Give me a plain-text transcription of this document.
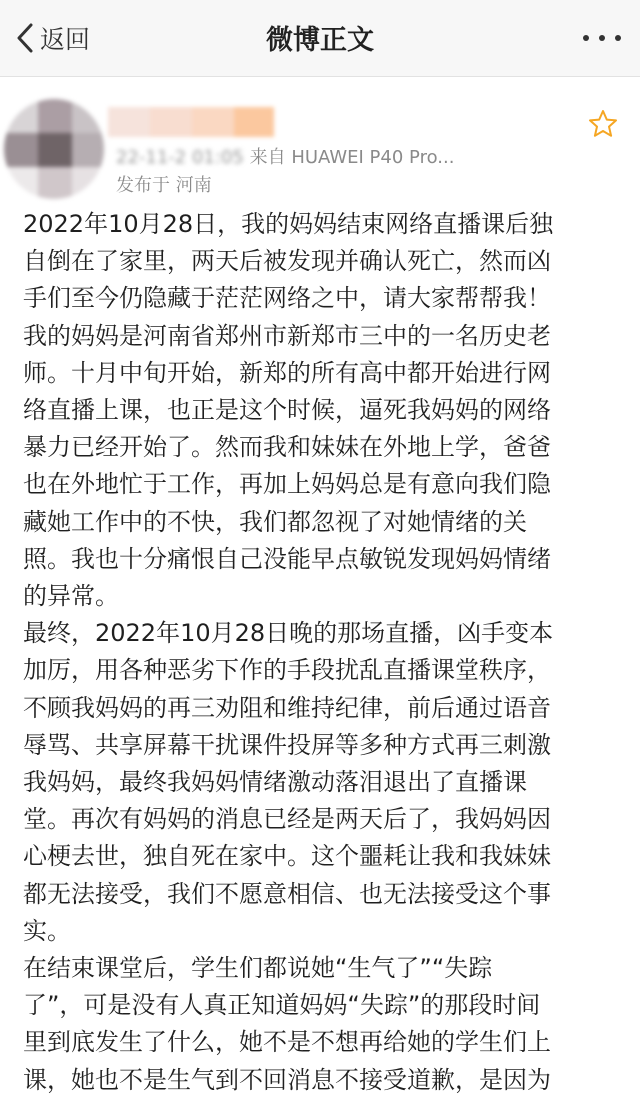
返回	微博正文
22-11-2 01:05 来自 HUAWEI P40 Pro...
发布于 河南

2022年10月28日，我的妈妈结束网络直播课后独

自倒在了家里，两天后被发现并确认死亡，然而凶

手们至今仍隐藏于茫茫网络之中，请大家帮帮我！

我的妈妈是河南省郑州市新郑市三中的一名历史老

师。十月中旬开始，新郑的所有高中都开始进行网

络直播上课，也正是这个时候，逼死我妈妈的网络

暴力已经开始了。然而我和妹妹在外地上学，爸爸

也在外地忙于工作，再加上妈妈总是有意向我们隐

藏她工作中的不快，我们都忽视了对她情绪的关

照。我也十分痛恨自己没能早点敏锐发现妈妈情绪

的异常。

最终，2022年10月28日晚的那场直播，凶手变本

加厉，用各种恶劣下作的手段扰乱直播课堂秩序，

不顾我妈妈的再三劝阻和维持纪律，前后通过语音

辱骂、共享屏幕干扰课件投屏等多种方式再三刺激

我妈妈，最终我妈妈情绪激动落泪退出了直播课

堂。再次有妈妈的消息已经是两天后了，我妈妈因

心梗去世，独自死在家中。这个噩耗让我和我妹妹

都无法接受，我们不愿意相信、也无法接受这个事

实。

在结束课堂后，学生们都说她“生气了”“失踪

了”，可是没有人真正知道妈妈“失踪”的那段时间

里到底发生了什么，她不是不想再给她的学生们上

课，她也不是生气到不回消息不接受道歉，是因为
